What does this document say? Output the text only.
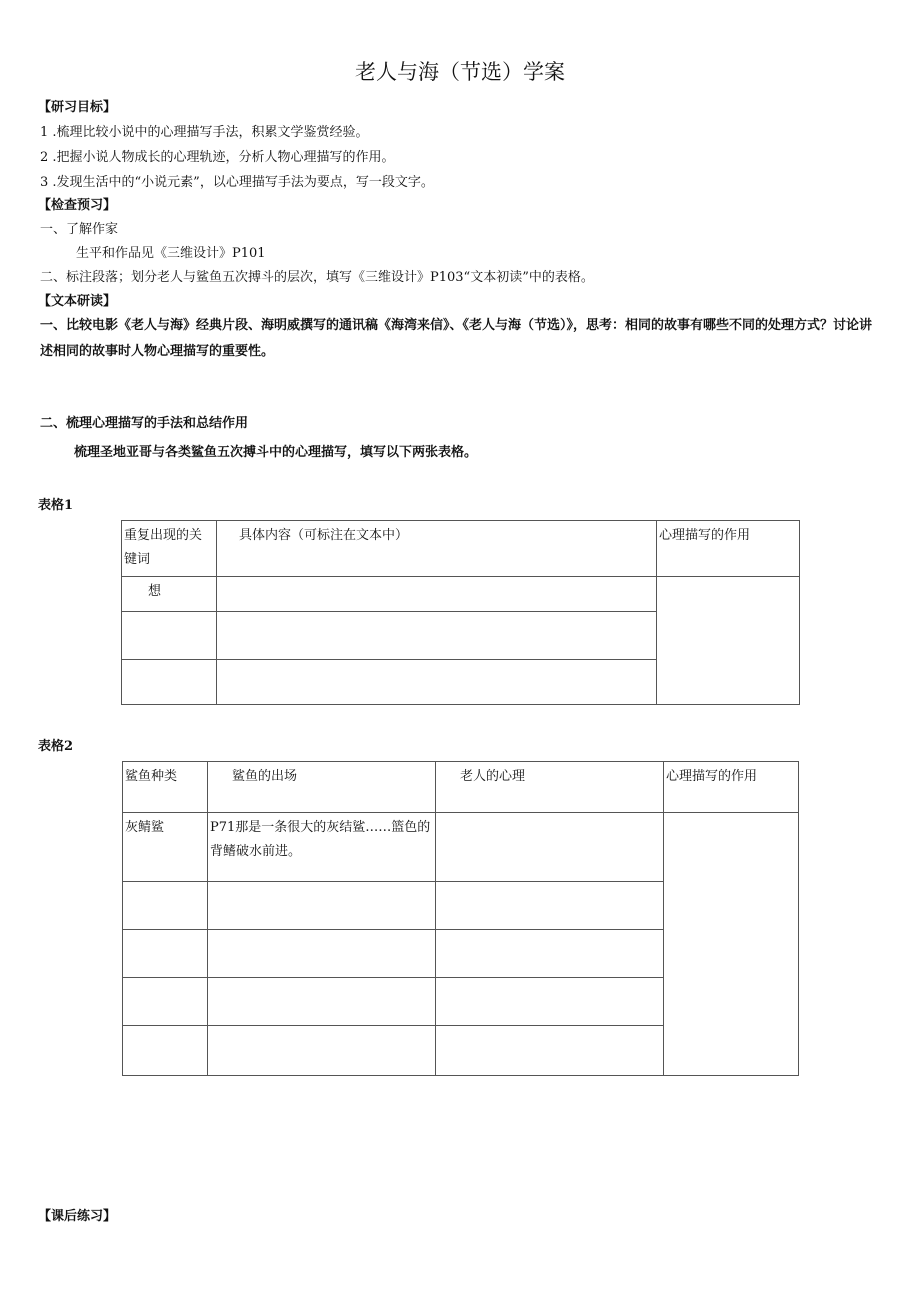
老人与海（节选）学案
【研习目标】
1 .梳理比较小说中的心理描写手法，积累文学鉴赏经验。
2 .把握小说人物成长的心理轨迹，分析人物心理描写的作用。
3 .发现生活中的“小说元素”，以心理描写手法为要点，写一段文字。
【检查预习】
一、了解作家
生平和作品见《三维设计》P101
二、标注段落；划分老人与鲨鱼五次搏斗的层次，填写《三维设计》P103“文本初读”中的表格。
【文本研读】
一、比较电影《老人与海》经典片段、海明威撰写的通讯稿《海湾来信》、《老人与海（节选）》，思考：相同的故事有哪些不同的处理方式？讨论讲述相同的故事时人物心理描写的重要性。
二、梳理心理描写的手法和总结作用
梳理圣地亚哥与各类鲨鱼五次搏斗中的心理描写，填写以下两张表格。
表格1
重复出现的关键词	具体内容（可标注在文本中）	心理描写的作用
想		

表格2
鲨鱼种类	鲨鱼的出场	老人的心理	心理描写的作用
灰鲭鲨	P71那是一条很大的灰结鲨……篮色的背鳍破水前进。		

【课后练习】
